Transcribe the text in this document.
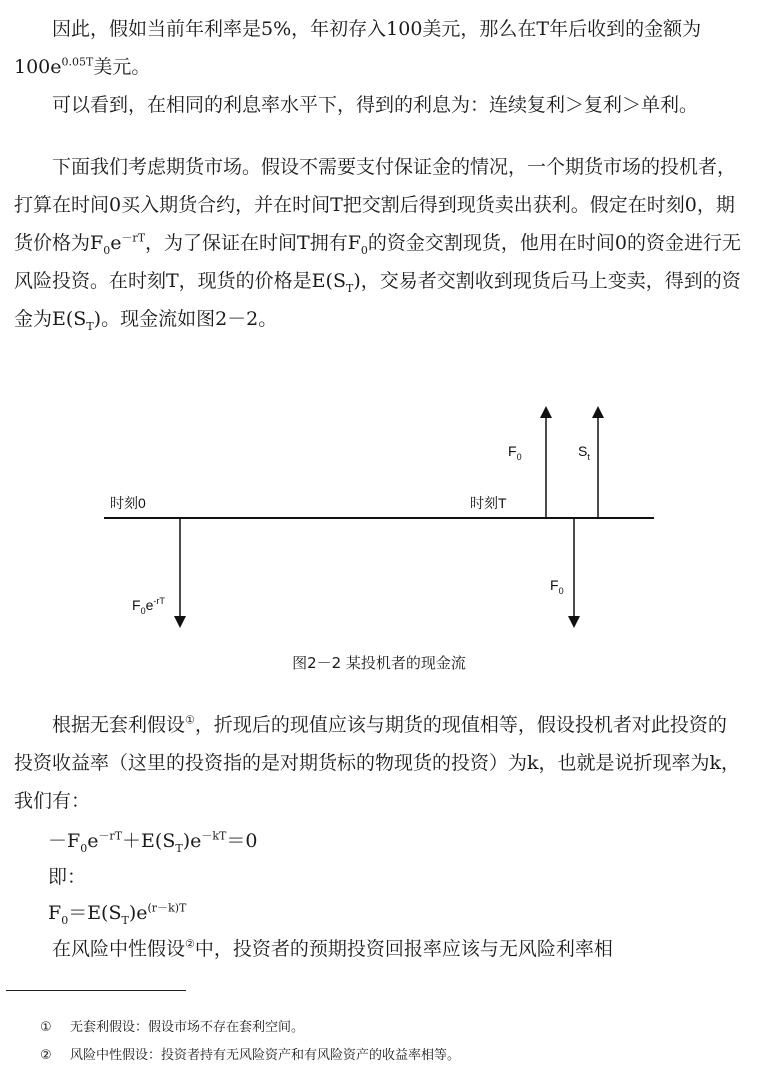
因此，假如当前年利率是5%，年初存入100美元，那么在T年后收到的金额为$100e^{0.05T}$美元。

可以看到，在相同的利息率水平下，得到的利息为：连续复利＞复利＞单利。

下面我们考虑期货市场。假设不需要支付保证金的情况，一个期货市场的投机者，打算在时间0买入期货合约，并在时间T把交割后得到现货卖出获利。假定在时刻0，期货价格为$F_0e^{-rT}$，为了保证在时间T拥有$F_0$的资金交割现货，他用在时间0的资金进行无风险投资。在时刻T，现货的价格是$E(S_T)$，交易者交割收到现货后马上变卖，得到的资金为$E(S_T)$。现金流如图2－2。

时刻0	时刻T
$F_0$	$S_t$
$F_0$
$F_0e^{-rT}$
图2－2 某投机者的现金流

根据无套利假设①，折现后的现值应该与期货的现值相等，假设投机者对此投资的投资收益率（这里的投资指的是对期货标的物现货的投资）为k，也就是说折现率为k，我们有：

$-F_0e^{-rT}+E(S_T)e^{-kT}=0$
即：
$F_0=E(S_T)e^{(r-k)T}$

在风险中性假设②中，投资者的预期投资回报率应该与无风险利率相

① 无套利假设：假设市场不存在套利空间。
② 风险中性假设：投资者持有无风险资产和有风险资产的收益率相等。
